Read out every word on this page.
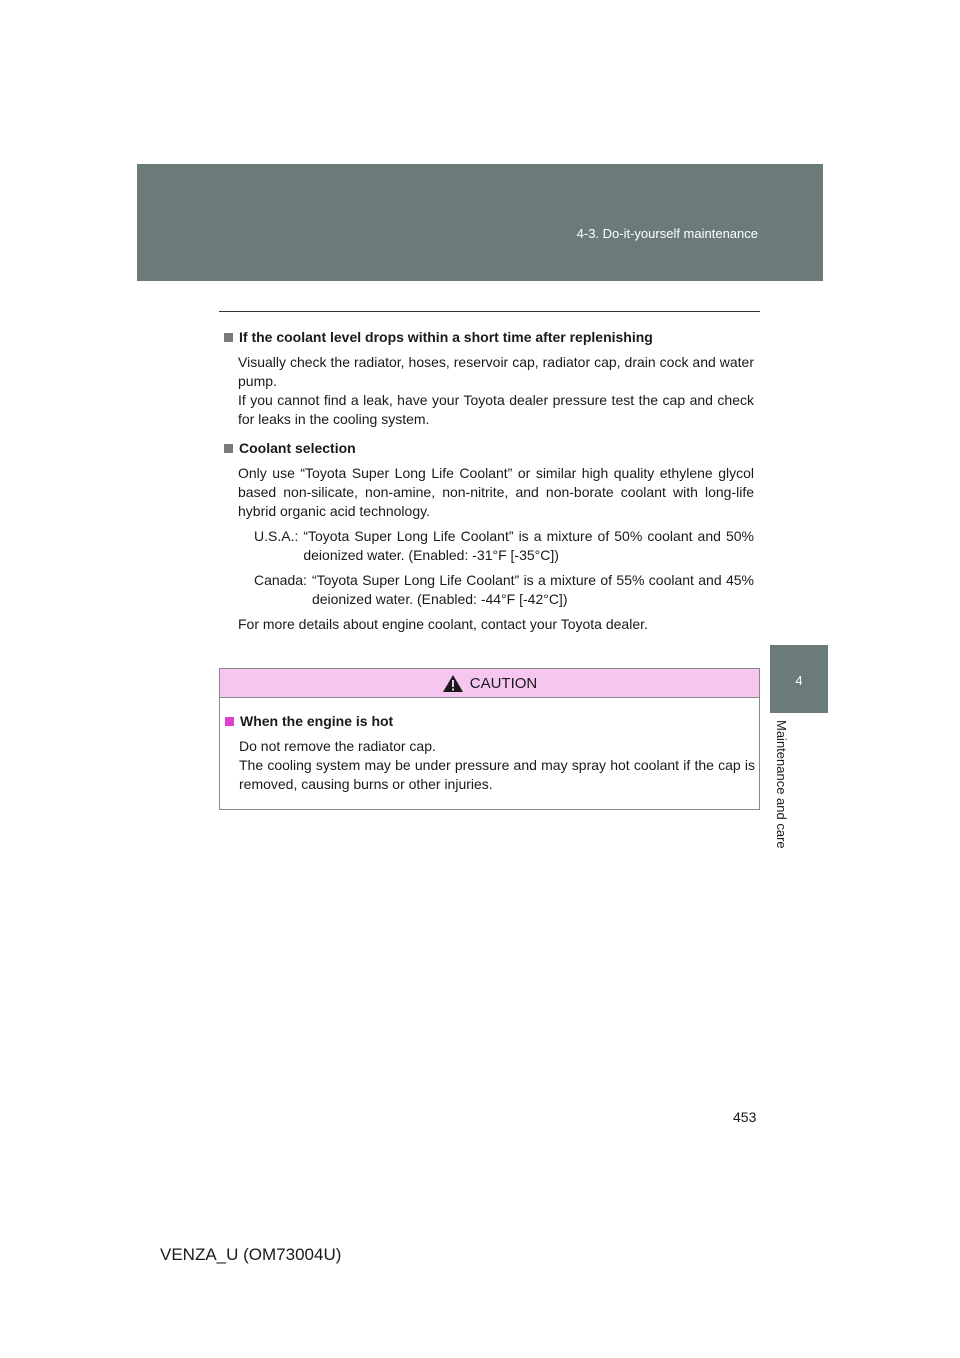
4-3. Do-it-yourself maintenance
4
Maintenance and care
If the coolant level drops within a short time after replenishing
Visually check the radiator, hoses, reservoir cap, radiator cap, drain cock and water pump.
If you cannot find a leak, have your Toyota dealer pressure test the cap and check for leaks in the cooling system.
Coolant selection
Only use “Toyota Super Long Life Coolant” or similar high quality ethylene glycol based non-silicate, non-amine, non-nitrite, and non-borate coolant with long-life hybrid organic acid technology.
U.S.A.: “Toyota Super Long Life Coolant” is a mixture of 50% coolant and 50% deionized water. (Enabled: -31°F [-35°C])
Canada: “Toyota Super Long Life Coolant” is a mixture of 55% coolant and 45% deionized water. (Enabled: -44°F [-42°C])
For more details about engine coolant, contact your Toyota dealer.
CAUTION
When the engine is hot
Do not remove the radiator cap.
The cooling system may be under pressure and may spray hot coolant if the cap is removed, causing burns or other injuries.
453
VENZA_U (OM73004U)
